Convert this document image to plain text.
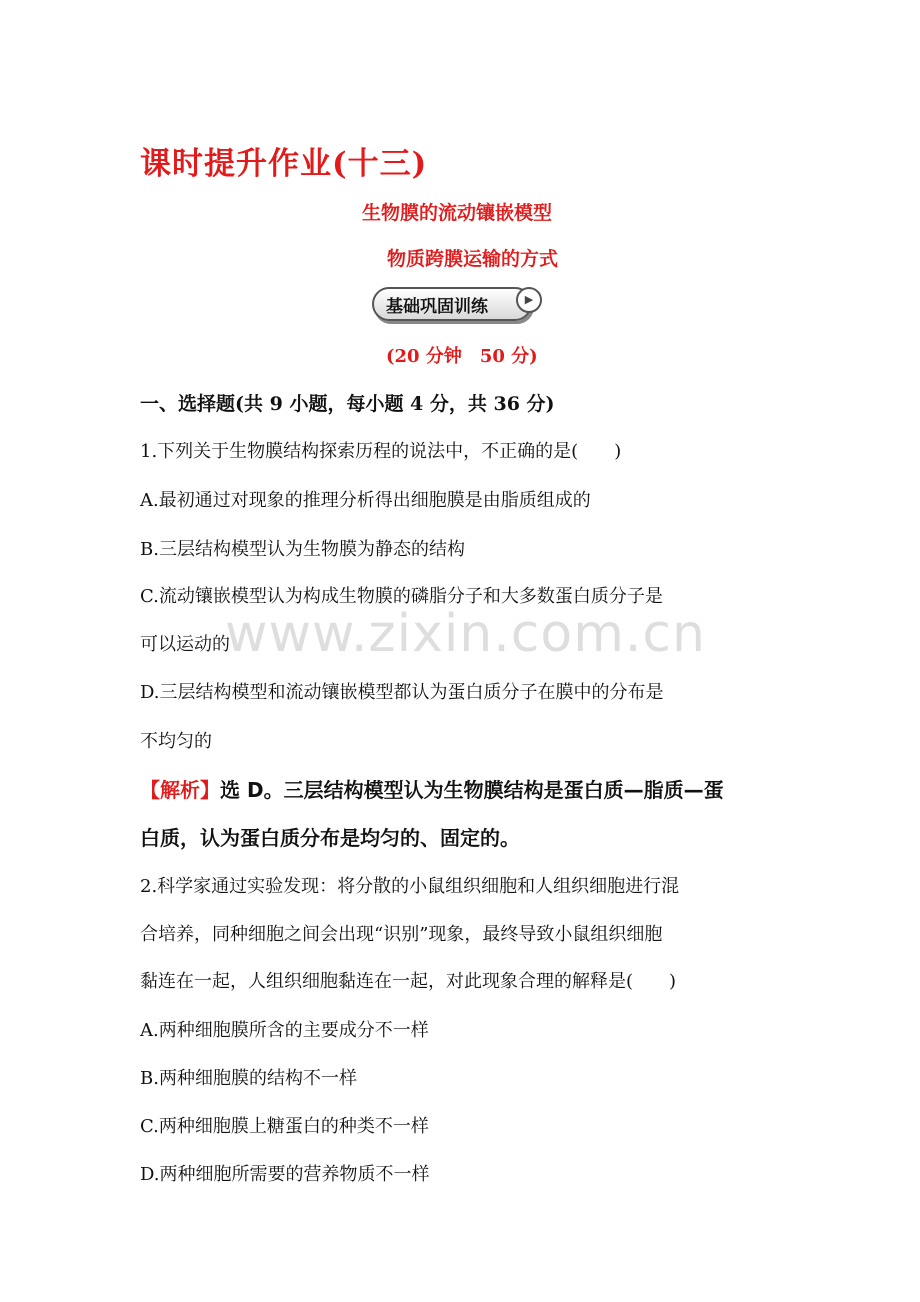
www.zixin.com.cn
课时提升作业(十三)
生物膜的流动镶嵌模型
物质跨膜运输的方式
基础巩固训练	▶
(20 分钟　50 分)
一、选择题(共 9 小题，每小题 4 分，共 36 分)
1.下列关于生物膜结构探索历程的说法中，不正确的是(　　)
A.最初通过对现象的推理分析得出细胞膜是由脂质组成的
B.三层结构模型认为生物膜为静态的结构
C.流动镶嵌模型认为构成生物膜的磷脂分子和大多数蛋白质分子是
可以运动的
D.三层结构模型和流动镶嵌模型都认为蛋白质分子在膜中的分布是
不均匀的
【解析】选 D。三层结构模型认为生物膜结构是蛋白质—脂质—蛋
白质，认为蛋白质分布是均匀的、固定的。
2.科学家通过实验发现：将分散的小鼠组织细胞和人组织细胞进行混
合培养，同种细胞之间会出现“识别”现象，最终导致小鼠组织细胞
黏连在一起，人组织细胞黏连在一起，对此现象合理的解释是(　　)
A.两种细胞膜所含的主要成分不一样
B.两种细胞膜的结构不一样
C.两种细胞膜上糖蛋白的种类不一样
D.两种细胞所需要的营养物质不一样
